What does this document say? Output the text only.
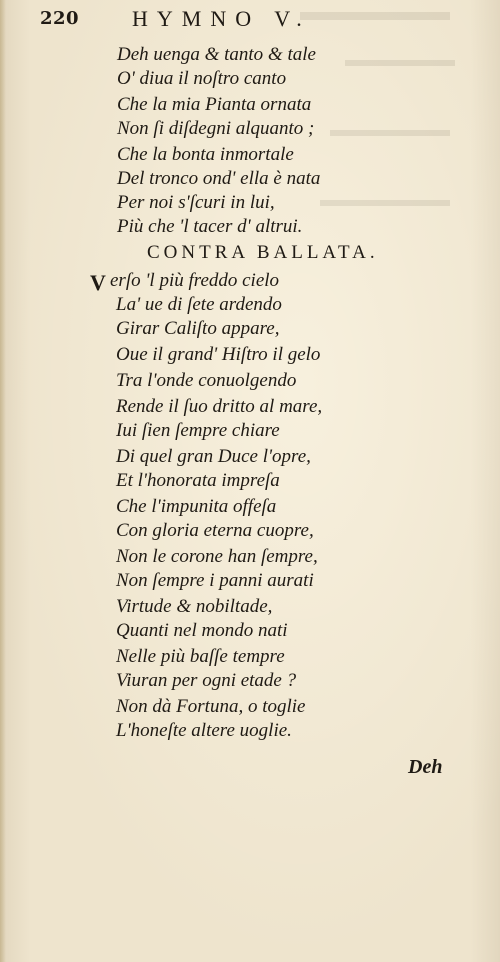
220 HYMNO V.
Deh uenga & tanto & tale
O' diua il noſtro canto
Che la mia Pianta ornata
Non ſi diſdegni alquanto ;
Che la bonta inmortale
Del tronco ond' ella è nata
Per noi s'ſcuri in lui,
Più che 'l tacer d' altrui.
CONTRA BALLATA.
V erſo 'l più freddo cielo
La' ue di ſete ardendo
Girar Caliſto appare,
Oue il grand' Hiſtro il gelo
Tra l'onde conuolgendo
Rende il ſuo dritto al mare,
Iui ſien ſempre chiare
Di quel gran Duce l'opre,
Et l'honorata impreſa
Che l'impunita offeſa
Con gloria eterna cuopre,
Non le corone han ſempre,
Non ſempre i panni aurati
Virtude & nobiltade,
Quanti nel mondo nati
Nelle più baſſe tempre
Viuran per ogni etade ?
Non dà Fortuna, o toglie
L'honeſte altere uoglie.
Deh
